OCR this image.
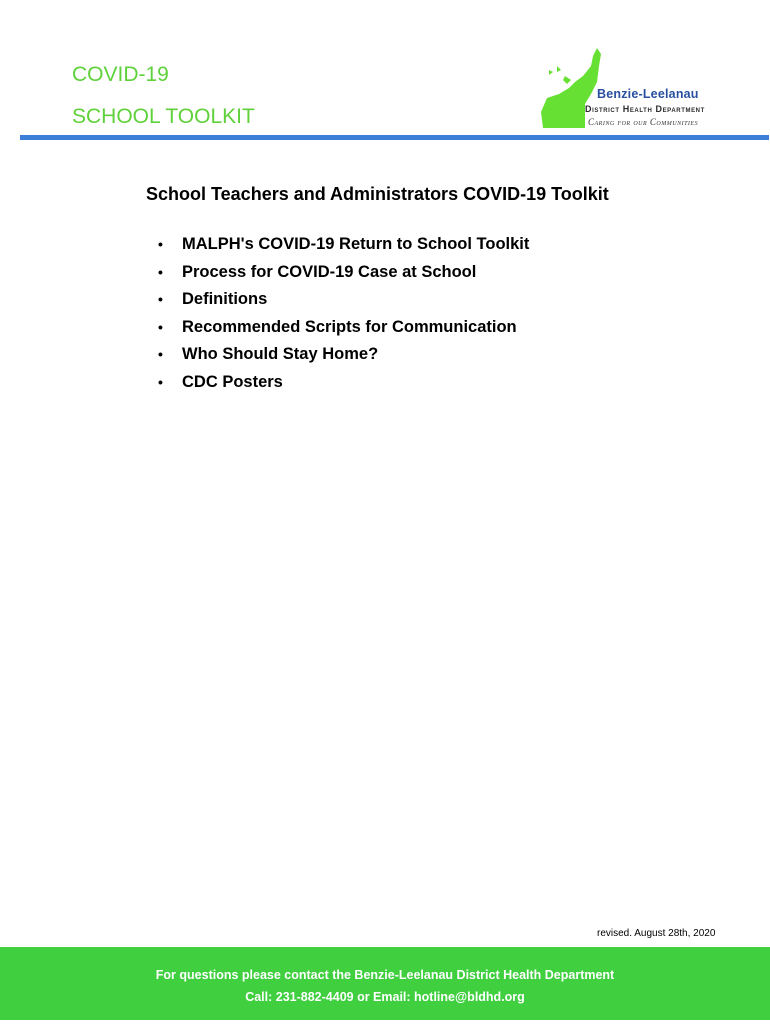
COVID-19
SCHOOL TOOLKIT
Benzie-Leelanau
District Health Department
Caring for our Communities
School Teachers and Administrators COVID-19 Toolkit
• MALPH's COVID-19 Return to School Toolkit
• Process for COVID-19 Case at School
• Definitions
• Recommended Scripts for Communication
• Who Should Stay Home?
• CDC Posters
revised. August 28th, 2020
For questions please contact the Benzie-Leelanau District Health Department
Call: 231-882-4409 or Email: hotline@bldhd.org
